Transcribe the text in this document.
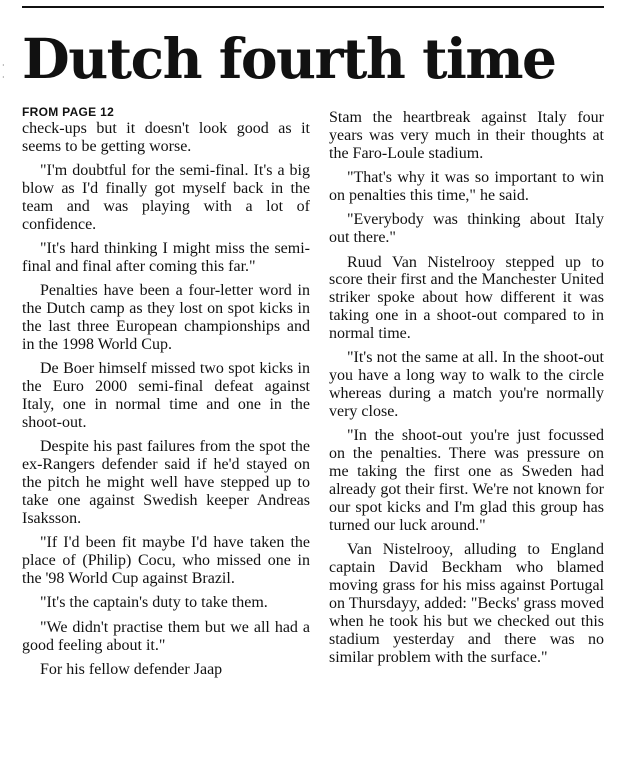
·
· Dutch fourth time
FROM PAGE 12

check-ups but it doesn't look good as it seems to be getting worse.

"I'm doubtful for the semi-final. It's a big blow as I'd finally got myself back in the team and was playing with a lot of confidence.

"It's hard thinking I might miss the semi-final and final after coming this far."

Penalties have been a four-letter word in the Dutch camp as they lost on spot kicks in the last three European championships and in the 1998 World Cup.

De Boer himself missed two spot kicks in the Euro 2000 semi-final defeat against Italy, one in normal time and one in the shoot-out.

Despite his past failures from the spot the ex-Rangers defender said if he'd stayed on the pitch he might well have stepped up to take one against Swedish keeper Andreas Isaksson.

"If I'd been fit maybe I'd have taken the place of (Philip) Cocu, who missed one in the '98 World Cup against Brazil.

"It's the captain's duty to take them.

"We didn't practise them but we all had a good feeling about it."

For his fellow defender Jaap

Stam the heartbreak against Italy four years was very much in their thoughts at the Faro-Loule stadium.

"That's why it was so important to win on penalties this time," he said.

"Everybody was thinking about Italy out there."

Ruud Van Nistelrooy stepped up to score their first and the Manchester United striker spoke about how different it was taking one in a shoot-out compared to in normal time.

"It's not the same at all. In the shoot-out you have a long way to walk to the circle whereas during a match you're normally very close.

"In the shoot-out you're just focussed on the penalties. There was pressure on me taking the first one as Sweden had already got their first. We're not known for our spot kicks and I'm glad this group has turned our luck around."

Van Nistelrooy, alluding to England captain David Beckham who blamed moving grass for his miss against Portugal on Thursdayy, added: "Becks' grass moved when he took his but we checked out this stadium yesterday and there was no similar problem with the surface."
